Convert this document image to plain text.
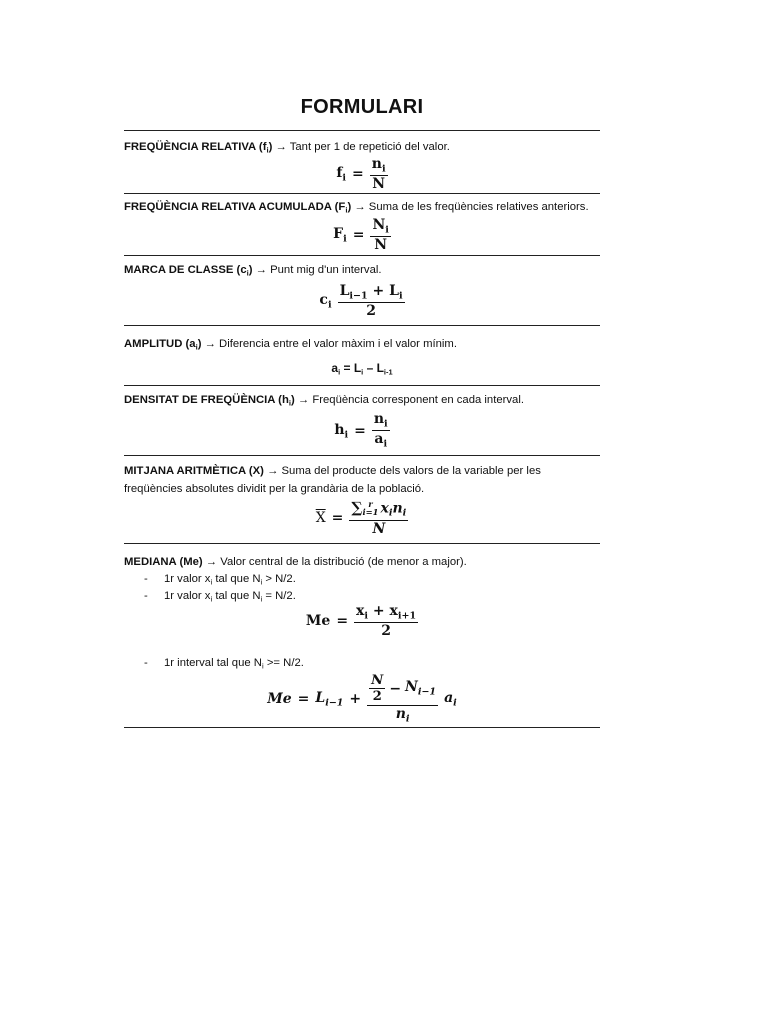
FORMULARI
FREQÜÈNCIA RELATIVA $(f_i)$ → Tant per 1 de repetició del valor.
$f_i = \frac{n_i}{N}$
FREQÜÈNCIA RELATIVA ACUMULADA $(F_i)$ → Suma de les freqüències relatives anteriors.
$F_i = \frac{N_i}{N}$
MARCA DE CLASSE $(c_i)$ → Punt mig d'un interval.
$c_i \frac{L_{i-1} + L_i}{2}$
AMPLITUD $(a_i)$ → Diferencia entre el valor màxim i el valor mínim.
$a_i = L_i - L_{i-1}$
DENSITAT DE FREQÜÈNCIA $(h_i)$ → Freqüència corresponent en cada interval.
$h_i = \frac{n_i}{a_i}$
MITJANA ARITMÈTICA (X) → Suma del producte dels valors de la variable per les
freqüències absolutes dividit per la grandària de la població.
$\overline{X}$ = ∑ r
i=1 $x_in_i$
N
MEDIANA (Me) → Valor central de la distribució (de menor a major).
- 1r valor $x_i$ tal que $N_i > N/2$.
- 1r valor $x_i$ tal que $N_i = N/2$.
$Me = \frac{x_i + x_{i+1}}{2}$
- 1r interval tal que $N_i >= N/2$.
$Me = L_{i-1} + \frac{\frac{N}{2} - N_{i-1}}{n_i} a_i$
